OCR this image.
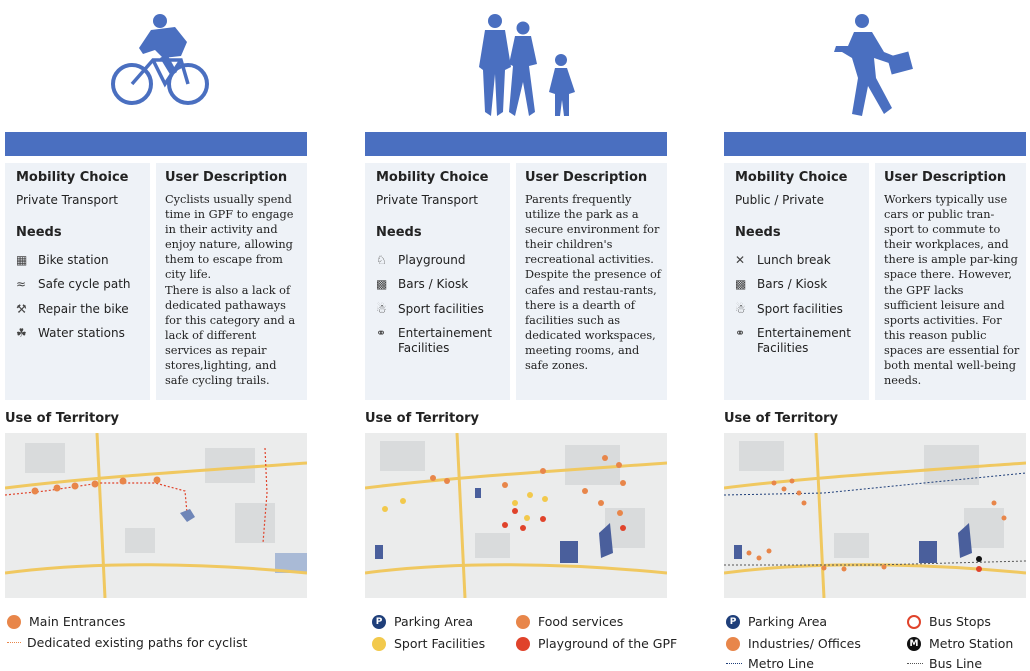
Mobility Choice
Private Transport
Needs
▦ Bike station
≈ Safe cycle path
⚒ Repair the bike
☘ Water stations
User Description
Cyclists usually spend time in GPF to engage in their activity and enjoy nature, allowing them to escape from city life.
There is also a lack of dedicated pathaways for this category and a lack of different services as repair stores,lighting, and safe cycling trails.
Use of Territory
Main Entrances
Dedicated existing paths for cyclist
Mobility Choice
Private Transport
Needs
♘ Playground
▩ Bars / Kiosk
☃ Sport facilities
⚭ Entertainement Facilities
User Description
Parents frequently utilize the park as a secure environment for their children's recreational activities. Despite the presence of cafes and restau-rants, there is a dearth of facilities such as dedicated workspaces, meeting rooms, and safe zones.
Use of Territory
P Parking Area	Food services
Sport Facilities	Playground of the GPF
Mobility Choice
Public / Private
Needs
✕ Lunch break
▩ Bars / Kiosk
☃ Sport facilities
⚭ Entertainement Facilities
User Description
Workers typically use cars or public tran-sport to commute to their workplaces, and there is ample par-king space there. However, the GPF lacks sufficient leisure and sports activities. For this reason public spaces are essential for both mental well-being needs.
Use of Territory
P Parking Area	Bus Stops
Industries/ Offices	M Metro Station
Metro Line	Bus Line
